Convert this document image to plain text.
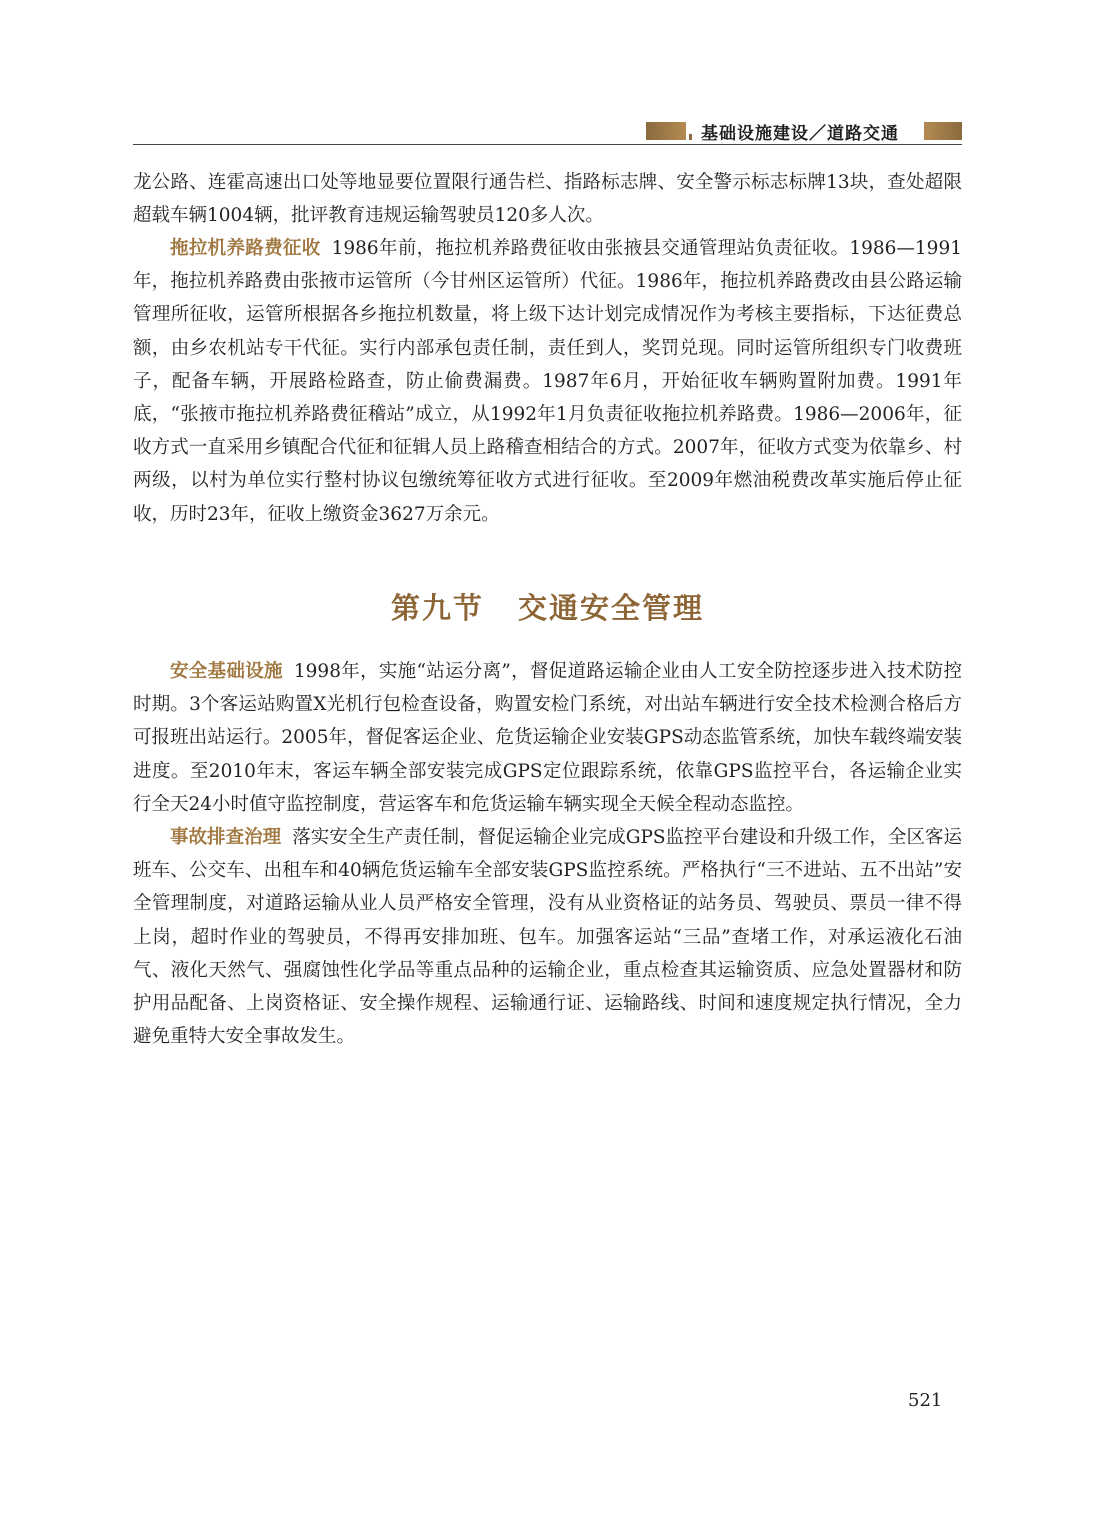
基础设施建设／道路交通

龙公路、连霍高速出口处等地显要位置限行通告栏、指路标志牌、安全警示标志标牌13块，查处超限超载车辆1004辆，批评教育违规运输驾驶员120多人次。

拖拉机养路费征收 1986年前，拖拉机养路费征收由张掖县交通管理站负责征收。1986—1991年，拖拉机养路费由张掖市运管所（今甘州区运管所）代征。1986年，拖拉机养路费改由县公路运输管理所征收，运管所根据各乡拖拉机数量，将上级下达计划完成情况作为考核主要指标，下达征费总额，由乡农机站专干代征。实行内部承包责任制，责任到人，奖罚兑现。同时运管所组织专门收费班子，配备车辆，开展路检路查，防止偷费漏费。1987年6月，开始征收车辆购置附加费。1991年底，“张掖市拖拉机养路费征稽站”成立，从1992年1月负责征收拖拉机养路费。1986—2006年，征收方式一直采用乡镇配合代征和征辑人员上路稽查相结合的方式。2007年，征收方式变为依靠乡、村两级，以村为单位实行整村协议包缴统筹征收方式进行征收。至2009年燃油税费改革实施后停止征收，历时23年，征收上缴资金3627万余元。

第九节 交通安全管理

安全基础设施 1998年，实施“站运分离”，督促道路运输企业由人工安全防控逐步进入技术防控时期。3个客运站购置X光机行包检查设备，购置安检门系统，对出站车辆进行安全技术检测合格后方可报班出站运行。2005年，督促客运企业、危货运输企业安装GPS动态监管系统，加快车载终端安装进度。至2010年末，客运车辆全部安装完成GPS定位跟踪系统，依靠GPS监控平台，各运输企业实行全天24小时值守监控制度，营运客车和危货运输车辆实现全天候全程动态监控。

事故排查治理 落实安全生产责任制，督促运输企业完成GPS监控平台建设和升级工作，全区客运班车、公交车、出租车和40辆危货运输车全部安装GPS监控系统。严格执行“三不进站、五不出站”安全管理制度，对道路运输从业人员严格安全管理，没有从业资格证的站务员、驾驶员、票员一律不得上岗，超时作业的驾驶员，不得再安排加班、包车。加强客运站“三品”查堵工作，对承运液化石油气、液化天然气、强腐蚀性化学品等重点品种的运输企业，重点检查其运输资质、应急处置器材和防护用品配备、上岗资格证、安全操作规程、运输通行证、运输路线、时间和速度规定执行情况，全力避免重特大安全事故发生。

521
